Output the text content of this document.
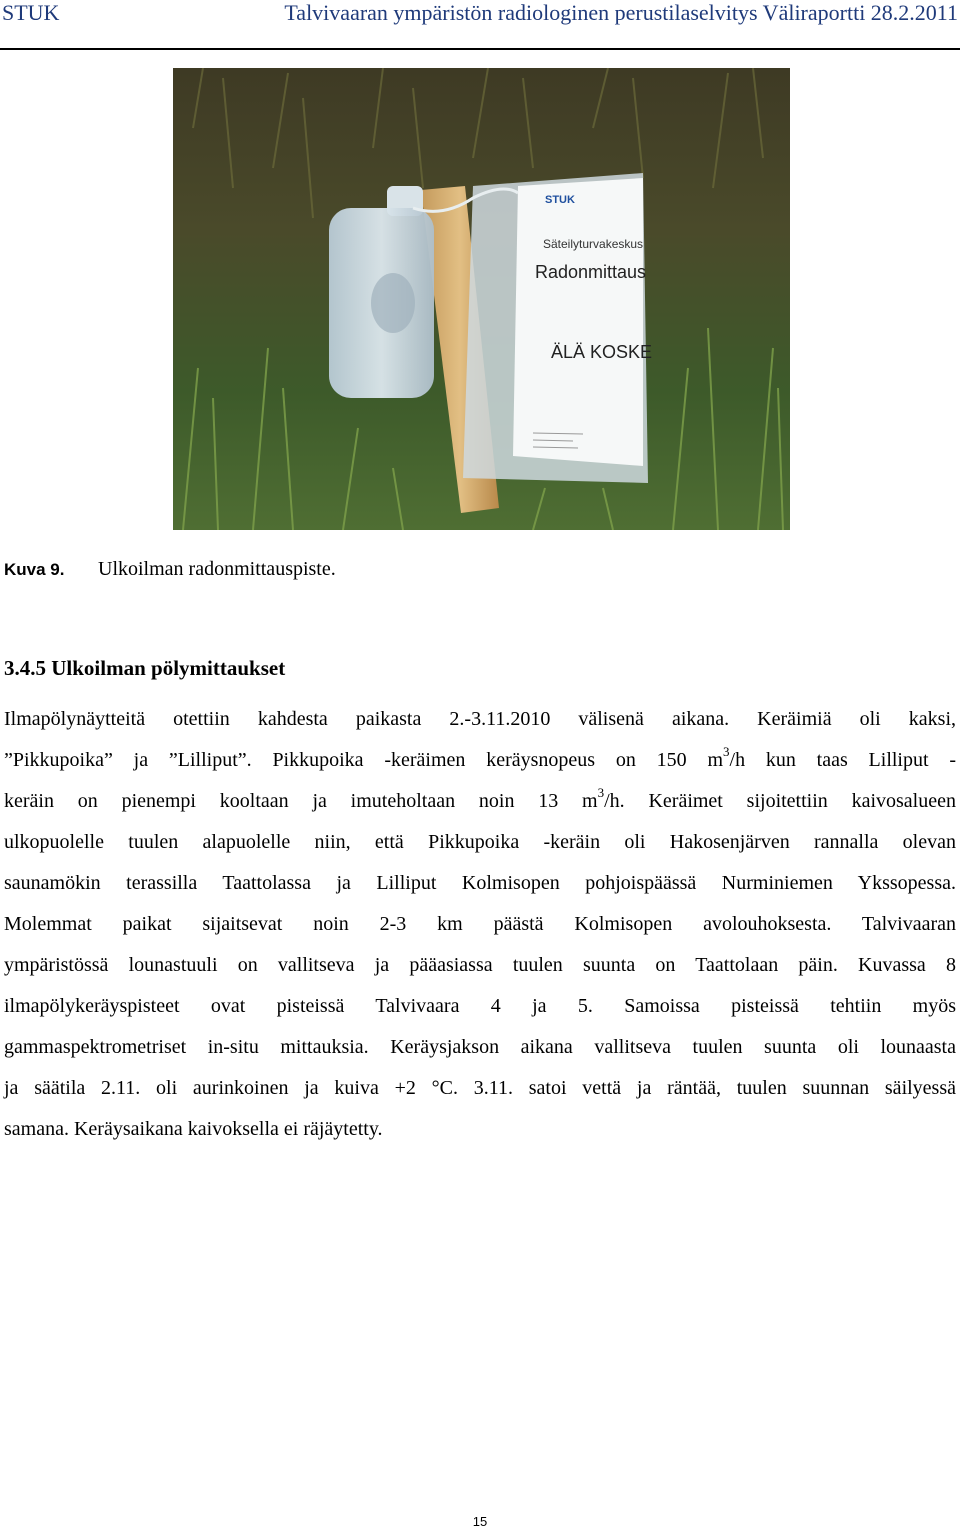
STUK	Talvivaaran ympäristön radiologinen perustilaselvitys Väliraportti 28.2.2011
STUK
Säteilyturvakeskus
Radonmittaus
ÄLÄ KOSKE
Kuva 9. Ulkoilman radonmittauspiste.
3.4.5 Ulkoilman pölymittaukset
Ilmapölynäytteitä otettiin kahdesta paikasta 2.-3.11.2010 välisenä aikana. Keräimiä oli kaksi,
”Pikkupoika” ja ”Lilliput”. Pikkupoika -keräimen keräysnopeus on 150 $m^3/h$ kun taas Lilliput -
keräin on pienempi kooltaan ja imuteholtaan noin 13 $m^3/h$. Keräimet sijoitettiin kaivosalueen
ulkopuolelle tuulen alapuolelle niin, että Pikkupoika -keräin oli Hakosenjärven rannalla olevan
saunamökin terassilla Taattolassa ja Lilliput Kolmisopen pohjoispäässä Nurminiemen Ykssopessa.
Molemmat paikat sijaitsevat noin 2-3 km päästä Kolmisopen avolouhoksesta. Talvivaaran
ympäristössä lounastuuli on vallitseva ja pääasiassa tuulen suunta on Taattolaan päin. Kuvassa 8
ilmapölykeräyspisteet ovat pisteissä Talvivaara 4 ja 5. Samoissa pisteissä tehtiin myös
gammaspektrometriset in-situ mittauksia. Keräysjakson aikana vallitseva tuulen suunta oli lounaasta
ja säätila 2.11. oli aurinkoinen ja kuiva +2 °C. 3.11. satoi vettä ja räntää, tuulen suunnan säilyessä
samana. Keräysaikana kaivoksella ei räjäytetty.
15
